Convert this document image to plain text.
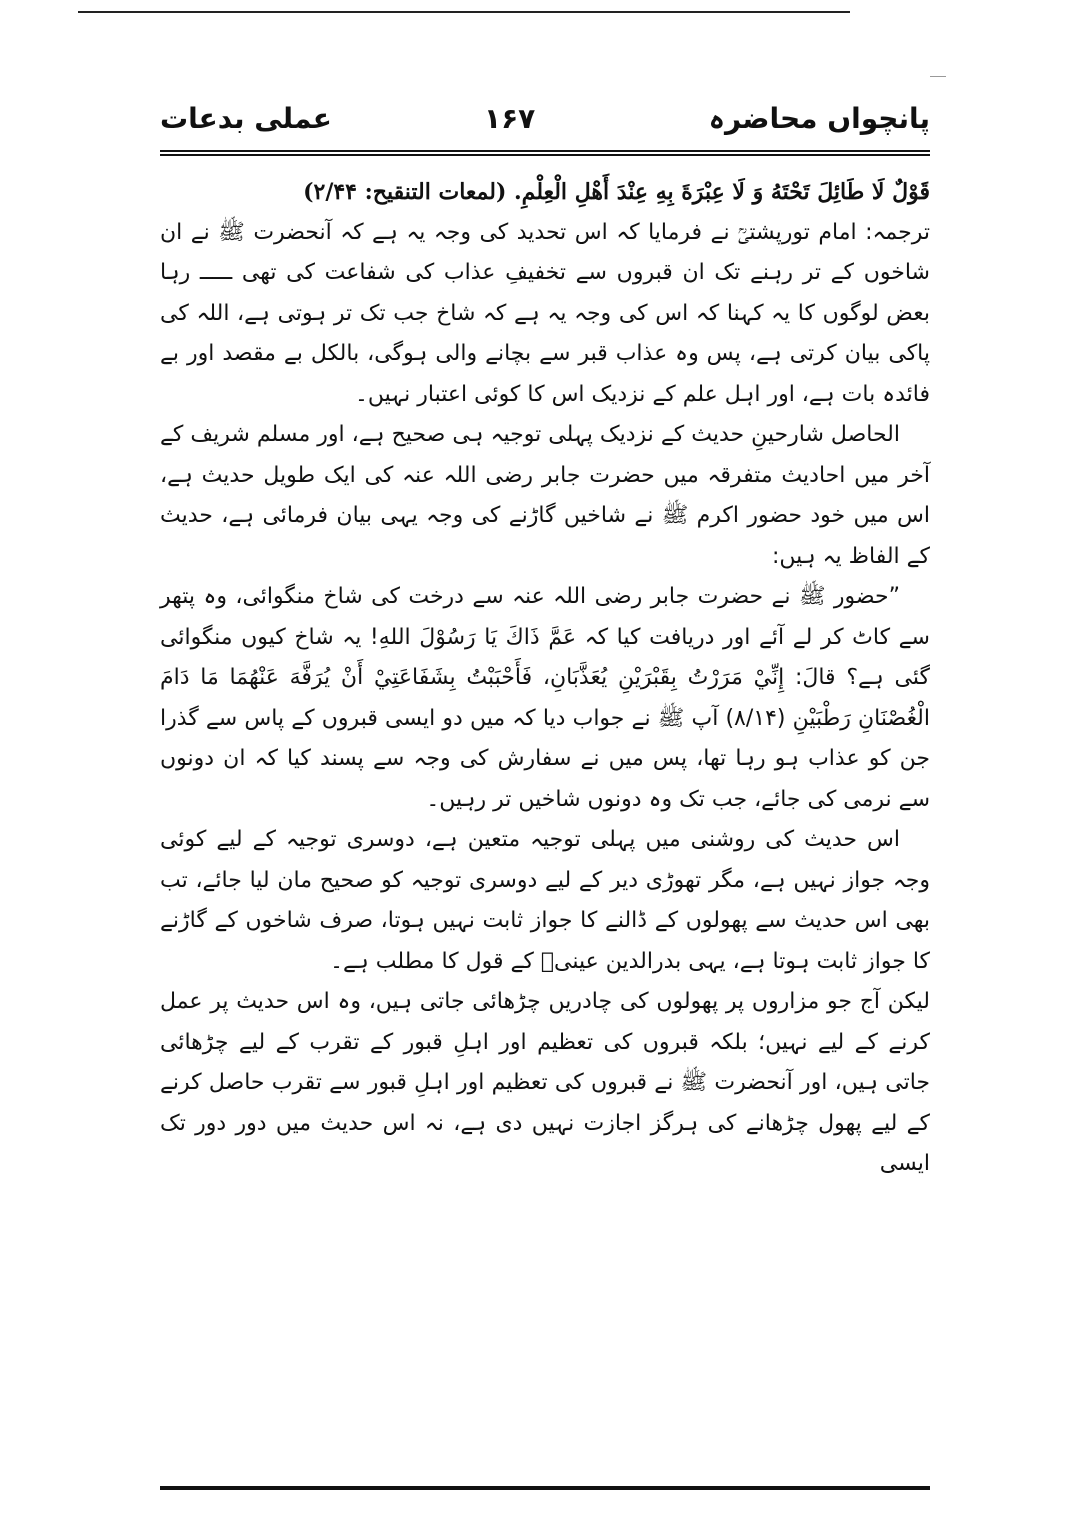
پانچواں محاضرہ
۱۶۷
عملی بدعات

قَوْلٌ لَا طَائِلَ تَحْتَهُ وَ لَا عِبْرَةَ بِهِ عِنْدَ أَهْلِ الْعِلْمِ. (لمعات التنقیح: ۲/۴۴)

ترجمہ: امام تورپشتیؒ نے فرمایا کہ اس تحدید کی وجہ یہ ہے کہ آنحضرت ﷺ نے ان شاخوں کے تر رہنے تک ان قبروں سے تخفیفِ عذاب کی شفاعت کی تھی ـــــ رہا بعض لوگوں کا یہ کہنا کہ اس کی وجہ یہ ہے کہ شاخ جب تک تر ہوتی ہے، اللہ کی پاکی بیان کرتی ہے، پس وہ عذاب قبر سے بچانے والی ہوگی، بالکل بے مقصد اور بے فائدہ بات ہے، اور اہل علم کے نزدیک اس کا کوئی اعتبار نہیں۔

الحاصل شارحینِ حدیث کے نزدیک پہلی توجیہ ہی صحیح ہے، اور مسلم شریف کے آخر میں احادیث متفرقہ میں حضرت جابر رضی اللہ عنہ کی ایک طویل حدیث ہے، اس میں خود حضور اکرم ﷺ نے شاخیں گاڑنے کی وجہ یہی بیان فرمائی ہے، حدیث کے الفاظ یہ ہیں:

”حضور ﷺ نے حضرت جابر رضی اللہ عنہ سے درخت کی شاخ منگوائی، وہ پتھر سے کاٹ کر لے آئے اور دریافت کیا کہ عَمَّ ذَاكَ يَا رَسُوْلَ اللهِ! یہ شاخ کیوں منگوائی گئی ہے؟ قالَ: إِنِّيْ مَرَرْتُ بِقَبْرَيْنِ يُعَذَّبَانِ، فَأَحْبَبْتُ بِشَفَاعَتِيْ أَنْ يُرَفَّهَ عَنْهُمَا مَا دَامَ الْغُصْنَانِ رَطْبَيْنِ (۸/۱۴) آپ ﷺ نے جواب دیا کہ میں دو ایسی قبروں کے پاس سے گذرا جن کو عذاب ہو رہا تھا، پس میں نے سفارش کی وجہ سے پسند کیا کہ ان دونوں سے نرمی کی جائے، جب تک وہ دونوں شاخیں تر رہیں۔

اس حدیث کی روشنی میں پہلی توجیہ متعین ہے، دوسری توجیہ کے لیے کوئی وجہ جواز نہیں ہے، مگر تھوڑی دیر کے لیے دوسری توجیہ کو صحیح مان لیا جائے، تب بھی اس حدیث سے پھولوں کے ڈالنے کا جواز ثابت نہیں ہوتا، صرف شاخوں کے گاڑنے کا جواز ثابت ہوتا ہے، یہی بدرالدین عینیؒ کے قول کا مطلب ہے۔

لیکن آج جو مزاروں پر پھولوں کی چادریں چڑھائی جاتی ہیں، وہ اس حدیث پر عمل کرنے کے لیے نہیں؛ بلکہ قبروں کی تعظیم اور اہلِ قبور کے تقرب کے لیے چڑھائی جاتی ہیں، اور آنحضرت ﷺ نے قبروں کی تعظیم اور اہلِ قبور سے تقرب حاصل کرنے کے لیے پھول چڑھانے کی ہرگز اجازت نہیں دی ہے، نہ اس حدیث میں دور دور تک ایسی
